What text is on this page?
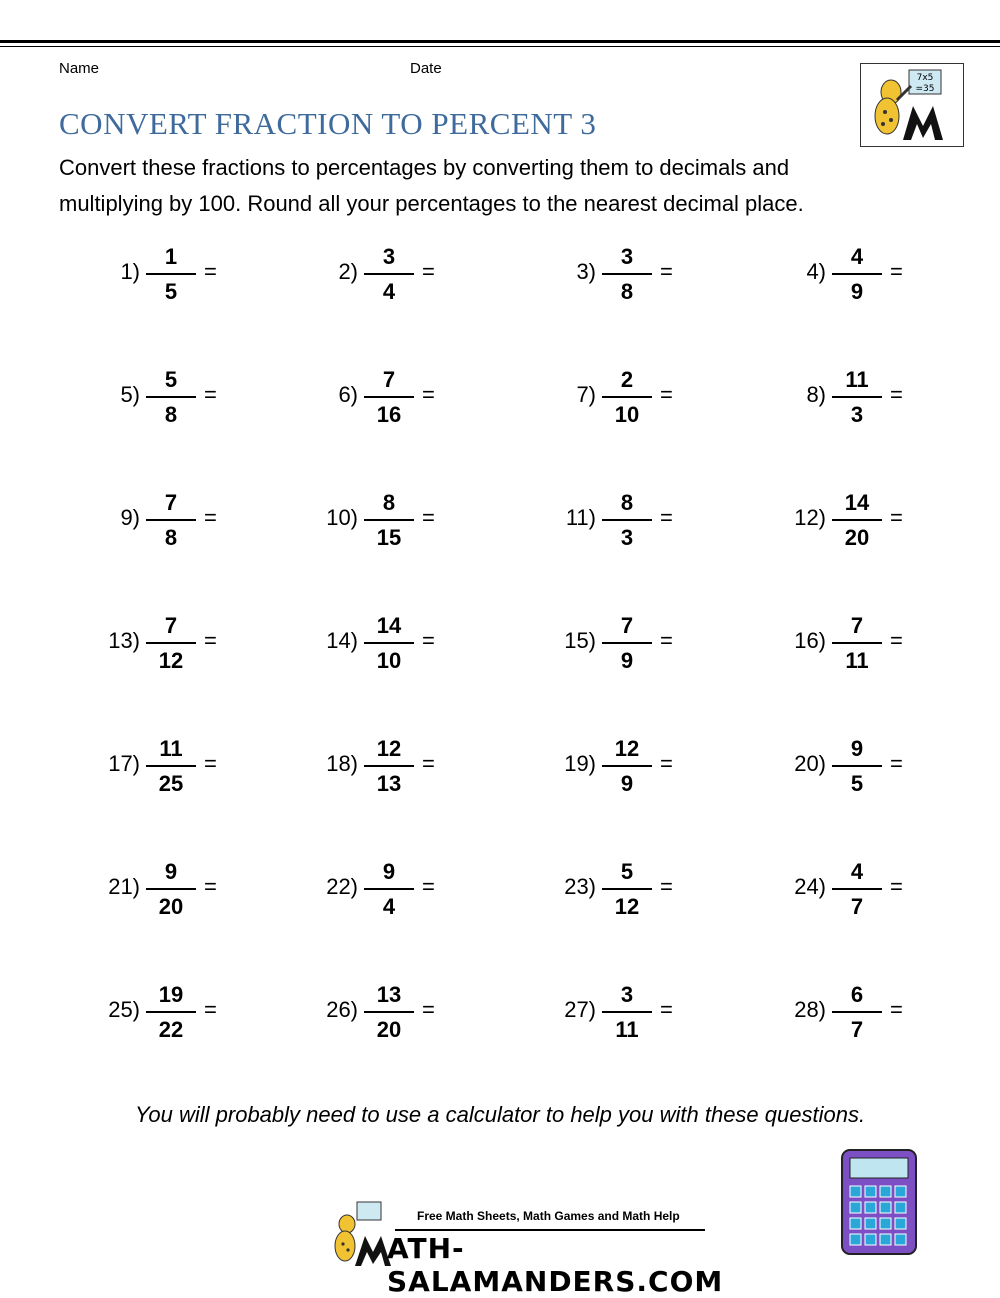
Name	Date
CONVERT FRACTION TO PERCENT 3
Convert these fractions to percentages by converting them to decimals and multiplying by 100. Round all your percentages to the nearest decimal place.
7x5
=35
1)
1
5
=	2)
3
4
=	3)
3
8
=	4)
4
9
=
5)
5
8
=	6)
7
16
=	7)
2
10
=	8)
11
3
=
9)
7
8
=	10)
8
15
=	11)
8
3
=	12)
14
20
=
13)
7
12
=	14)
14
10
=	15)
7
9
=	16)
7
11
=
17)
11
25
=	18)
12
13
=	19)
12
9
=	20)
9
5
=
21)
9
20
=	22)
9
4
=	23)
5
12
=	24)
4
7
=
25)
19
22
=	26)
13
20
=	27)
3
11
=	28)
6
7
=
You will probably need to use a calculator to help you with these questions.
Free Math Sheets, Math Games and Math Help
ATH-SALAMANDERS.COM
